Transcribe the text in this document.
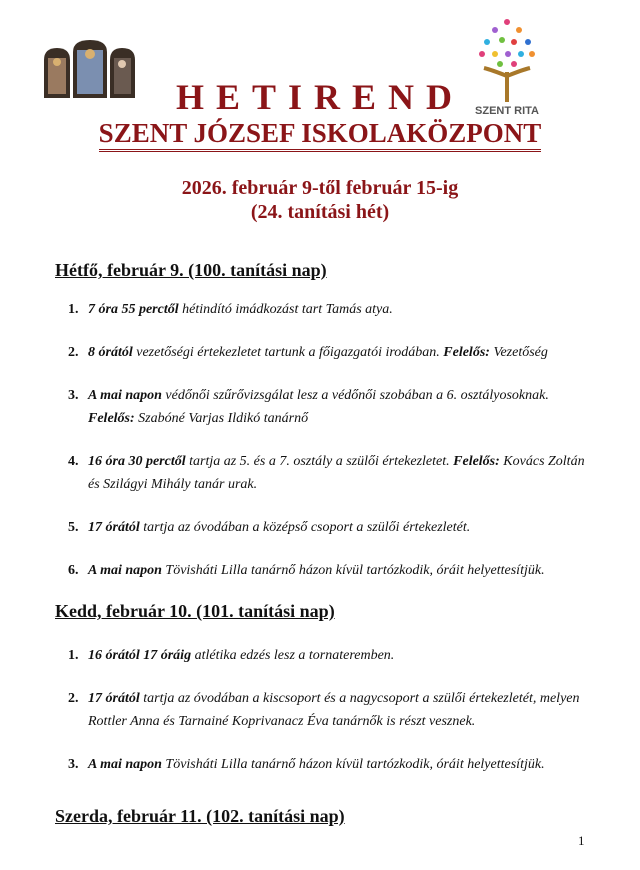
SZENT RITA
HETIREND
SZENT JÓZSEF ISKOLAKÖZPONT
2026. február 9-től február 15-ig
(24. tanítási hét)
Hétfő, február 9. (100. tanítási nap)
1. 7 óra 55 perctől hétindító imádkozást tart Tamás atya.
2. 8 órától vezetőségi értekezletet tartunk a főigazgatói irodában. Felelős: Vezetőség
3. A mai napon védőnői szűrővizsgálat lesz a védőnői szobában a 6. osztályosoknak. Felelős: Szabóné Varjas Ildikó tanárnő
4. 16 óra 30 perctől tartja az 5. és a 7. osztály a szülői értekezletet. Felelős: Kovács Zoltán és Szilágyi Mihály tanár urak.
5. 17 órától tartja az óvodában a középső csoport a szülői értekezletét.
6. A mai napon Tövisháti Lilla tanárnő házon kívül tartózkodik, óráit helyettesítjük.
Kedd, február 10. (101. tanítási nap)
1. 16 órától 17 óráig atlétika edzés lesz a tornateremben.
2. 17 órától tartja az óvodában a kiscsoport és a nagycsoport a szülői értekezletét, melyen Rottler Anna és Tarnainé Koprivanacz Éva tanárnők is részt vesznek.
3. A mai napon Tövisháti Lilla tanárnő házon kívül tartózkodik, óráit helyettesítjük.
Szerda, február 11. (102. tanítási nap)
1
